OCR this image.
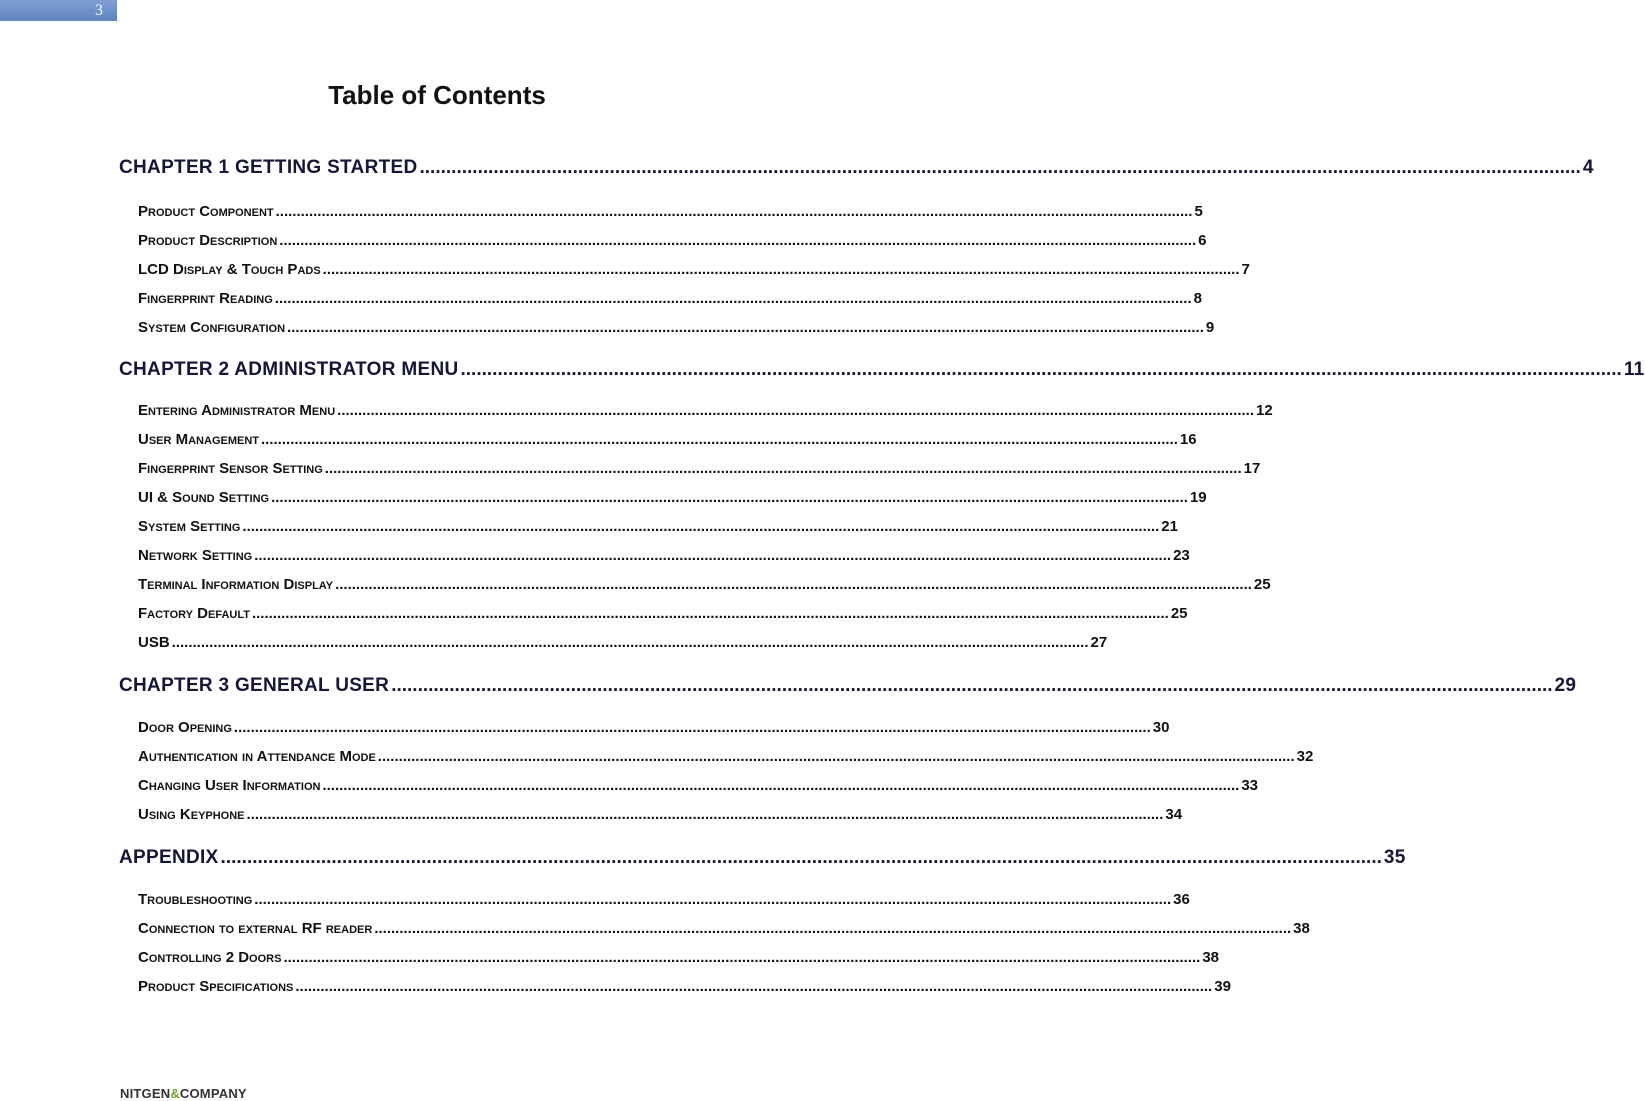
3
Table of Contents
CHAPTER 1 GETTING STARTED ............................................................................................................................................................................................................................ 4
Product Component ............................................................................................................................................................................................................................ 5
Product Description ............................................................................................................................................................................................................................ 6
LCD Display & Touch Pads ............................................................................................................................................................................................................................ 7
Fingerprint Reading ............................................................................................................................................................................................................................ 8
System Configuration ............................................................................................................................................................................................................................ 9
CHAPTER 2 ADMINISTRATOR MENU ............................................................................................................................................................................................................................ 11
Entering Administrator Menu ............................................................................................................................................................................................................................ 12
User Management ............................................................................................................................................................................................................................ 16
Fingerprint Sensor Setting ............................................................................................................................................................................................................................ 17
UI & Sound Setting ............................................................................................................................................................................................................................ 19
System Setting ............................................................................................................................................................................................................................ 21
Network Setting ............................................................................................................................................................................................................................ 23
Terminal Information Display ............................................................................................................................................................................................................................ 25
Factory Default ............................................................................................................................................................................................................................ 25
USB ............................................................................................................................................................................................................................ 27
CHAPTER 3 GENERAL USER ............................................................................................................................................................................................................................ 29
Door Opening ............................................................................................................................................................................................................................ 30
Authentication in Attendance Mode ............................................................................................................................................................................................................................ 32
Changing User Information ............................................................................................................................................................................................................................ 33
Using Keyphone ............................................................................................................................................................................................................................ 34
APPENDIX ............................................................................................................................................................................................................................ 35
Troubleshooting ............................................................................................................................................................................................................................ 36
Connection to external RF reader ............................................................................................................................................................................................................................ 38
Controlling 2 Doors ............................................................................................................................................................................................................................ 38
Product Specifications ............................................................................................................................................................................................................................ 39
NITGEN&COMPANY
